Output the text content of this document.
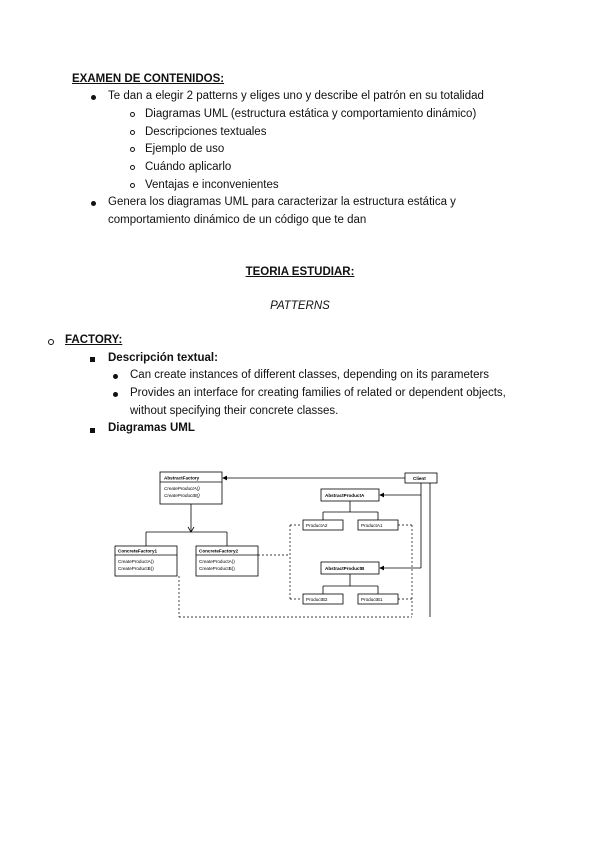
EXAMEN DE CONTENIDOS:
Te dan a elegir 2 patterns y eliges uno y describe el patrón en su totalidad
Diagramas UML (estructura estática y comportamiento dinámico)
Descripciones textuales
Ejemplo de uso
Cuándo aplicarlo
Ventajas e inconvenientes
Genera los diagramas UML para caracterizar la estructura estática y
comportamiento dinámico de un código que te dan
TEORIA ESTUDIAR:
PATTERNS
FACTORY:
Descripción textual:
Can create instances of different classes, depending on its parameters
Provides an interface for creating families of related or dependent objects,
without specifying their concrete classes.
Diagramas UML
AbstractFactory
CreateProductA()
CreateProductB()
Client
AbstractProductA
ProductA2	ProductA1
AbstractProductB
ProductB2	ProductB1
ConcreteFactory1
CreateProductA()
CreateProductB()
ConcreteFactory2
CreateProductA()
CreateProductB()
